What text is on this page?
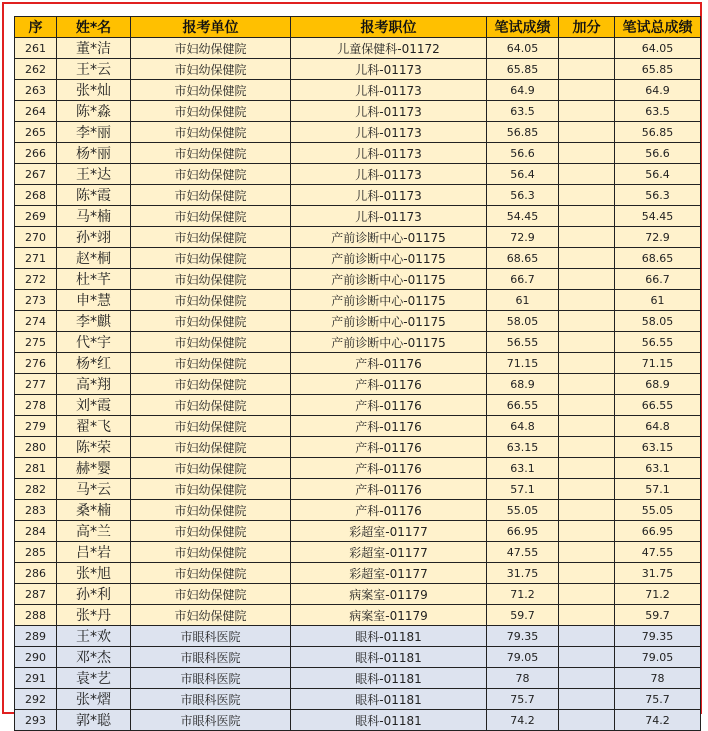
序	姓*名	报考单位	报考职位	笔试成绩	加分	笔试总成绩
261	董*洁	市妇幼保健院	儿童保健科-01172	64.05		64.05
262	王*云	市妇幼保健院	儿科-01173	65.85		65.85
263	张*灿	市妇幼保健院	儿科-01173	64.9		64.9
264	陈*淼	市妇幼保健院	儿科-01173	63.5		63.5
265	李*丽	市妇幼保健院	儿科-01173	56.85		56.85
266	杨*丽	市妇幼保健院	儿科-01173	56.6		56.6
267	王*达	市妇幼保健院	儿科-01173	56.4		56.4
268	陈*霞	市妇幼保健院	儿科-01173	56.3		56.3
269	马*楠	市妇幼保健院	儿科-01173	54.45		54.45
270	孙*翊	市妇幼保健院	产前诊断中心-01175	72.9		72.9
271	赵*桐	市妇幼保健院	产前诊断中心-01175	68.65		68.65
272	杜*芊	市妇幼保健院	产前诊断中心-01175	66.7		66.7
273	申*慧	市妇幼保健院	产前诊断中心-01175	61		61
274	李*麒	市妇幼保健院	产前诊断中心-01175	58.05		58.05
275	代*宇	市妇幼保健院	产前诊断中心-01175	56.55		56.55
276	杨*红	市妇幼保健院	产科-01176	71.15		71.15
277	高*翔	市妇幼保健院	产科-01176	68.9		68.9
278	刘*霞	市妇幼保健院	产科-01176	66.55		66.55
279	翟*飞	市妇幼保健院	产科-01176	64.8		64.8
280	陈*荣	市妇幼保健院	产科-01176	63.15		63.15
281	赫*婴	市妇幼保健院	产科-01176	63.1		63.1
282	马*云	市妇幼保健院	产科-01176	57.1		57.1
283	桑*楠	市妇幼保健院	产科-01176	55.05		55.05
284	高*兰	市妇幼保健院	彩超室-01177	66.95		66.95
285	吕*岩	市妇幼保健院	彩超室-01177	47.55		47.55
286	张*旭	市妇幼保健院	彩超室-01177	31.75		31.75
287	孙*利	市妇幼保健院	病案室-01179	71.2		71.2
288	张*丹	市妇幼保健院	病案室-01179	59.7		59.7
289	王*欢	市眼科医院	眼科-01181	79.35		79.35
290	邓*杰	市眼科医院	眼科-01181	79.05		79.05
291	袁*艺	市眼科医院	眼科-01181	78		78
292	张*熠	市眼科医院	眼科-01181	75.7		75.7
293	郭*聪	市眼科医院	眼科-01181	74.2		74.2
